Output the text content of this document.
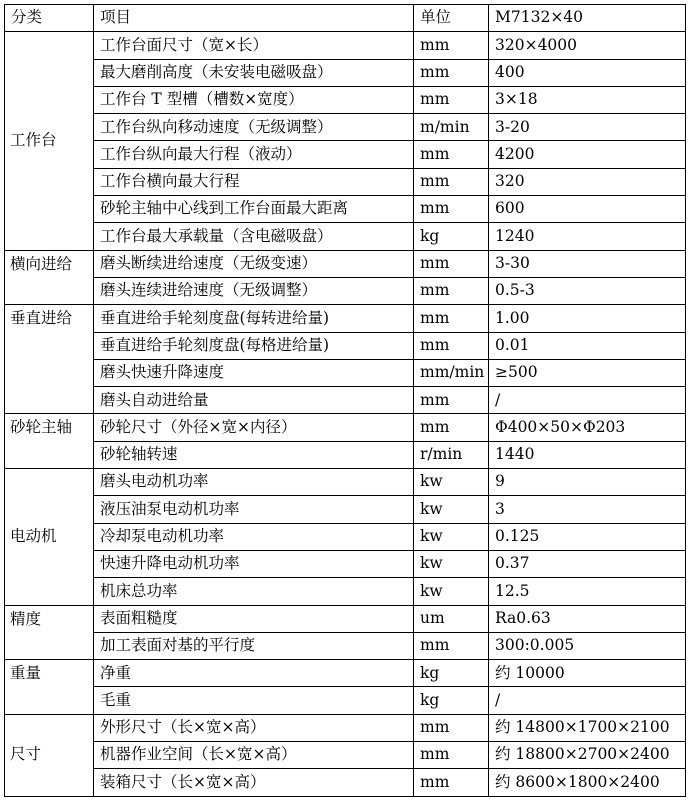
分类	项目	单位	M7132×40
工作台	工作台面尺寸（宽×长）	mm	320×4000
	最大磨削高度（未安装电磁吸盘）	mm	400
	工作台 T 型槽（槽数×宽度）	mm	3×18
	工作台纵向移动速度（无级调整）	m/min	3-20
	工作台纵向最大行程（液动）	mm	4200
	工作台横向最大行程	mm	320
	砂轮主轴中心线到工作台面最大距离	mm	600
	工作台最大承载量（含电磁吸盘）	kg	1240
横向进给	磨头断续进给速度（无级变速）	mm	3-30
	磨头连续进给速度（无级调整）	mm	0.5-3
垂直进给	垂直进给手轮刻度盘(每转进给量)	mm	1.00
	垂直进给手轮刻度盘(每格进给量)	mm	0.01
	磨头快速升降速度	mm/min	≥500
	磨头自动进给量	mm	/
砂轮主轴	砂轮尺寸（外径×宽×内径）	mm	Φ400×50×Φ203
	砂轮轴转速	r/min	1440
电动机	磨头电动机功率	kw	9
	液压油泵电动机功率	kw	3
	冷却泵电动机功率	kw	0.125
	快速升降电动机功率	kw	0.37
	机床总功率	kw	12.5
精度	表面粗糙度	um	Ra0.63
	加工表面对基的平行度	mm	300:0.005
重量	净重	kg	约 10000
	毛重	kg	/
尺寸	外形尺寸（长×宽×高）	mm	约 14800×1700×2100
	机器作业空间（长×宽×高）	mm	约 18800×2700×2400
	装箱尺寸（长×宽×高）	mm	约 8600×1800×2400
